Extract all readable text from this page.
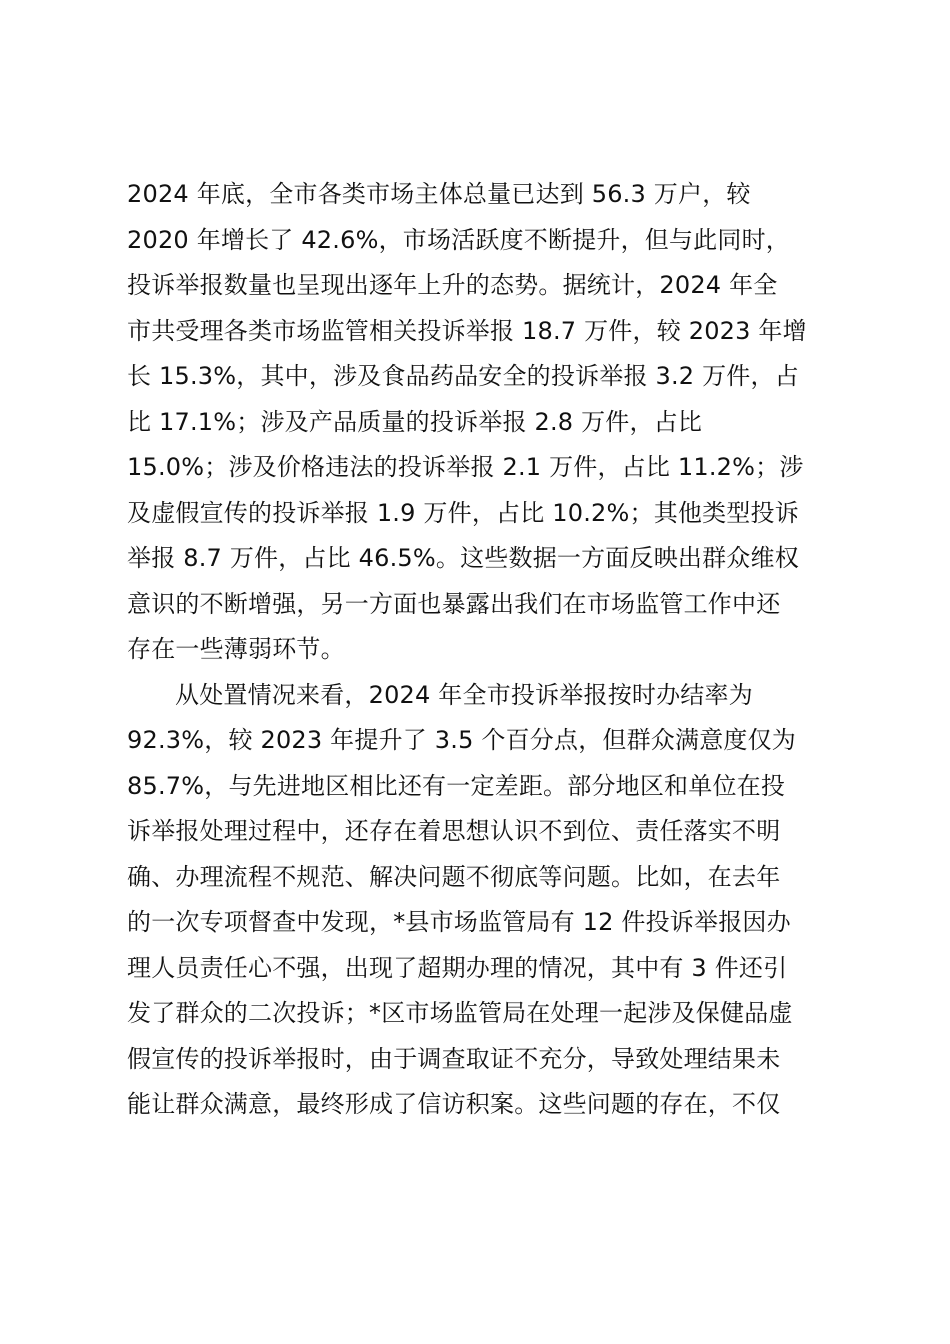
2024 年底，全市各类市场主体总量已达到 56.3 万户，较
2020 年增长了 42.6%，市场活跃度不断提升，但与此同时，
投诉举报数量也呈现出逐年上升的态势。据统计，2024 年全
市共受理各类市场监管相关投诉举报 18.7 万件，较 2023 年增
长 15.3%，其中，涉及食品药品安全的投诉举报 3.2 万件，占
比 17.1%；涉及产品质量的投诉举报 2.8 万件，占比
15.0%；涉及价格违法的投诉举报 2.1 万件，占比 11.2%；涉
及虚假宣传的投诉举报 1.9 万件，占比 10.2%；其他类型投诉
举报 8.7 万件，占比 46.5%。这些数据一方面反映出群众维权
意识的不断增强，另一方面也暴露出我们在市场监管工作中还
存在一些薄弱环节。
从处置情况来看，2024 年全市投诉举报按时办结率为
92.3%，较 2023 年提升了 3.5 个百分点，但群众满意度仅为
85.7%，与先进地区相比还有一定差距。部分地区和单位在投
诉举报处理过程中，还存在着思想认识不到位、责任落实不明
确、办理流程不规范、解决问题不彻底等问题。比如，在去年
的一次专项督查中发现，*县市场监管局有 12 件投诉举报因办
理人员责任心不强，出现了超期办理的情况，其中有 3 件还引
发了群众的二次投诉；*区市场监管局在处理一起涉及保健品虚
假宣传的投诉举报时，由于调查取证不充分，导致处理结果未
能让群众满意，最终形成了信访积案。这些问题的存在，不仅
